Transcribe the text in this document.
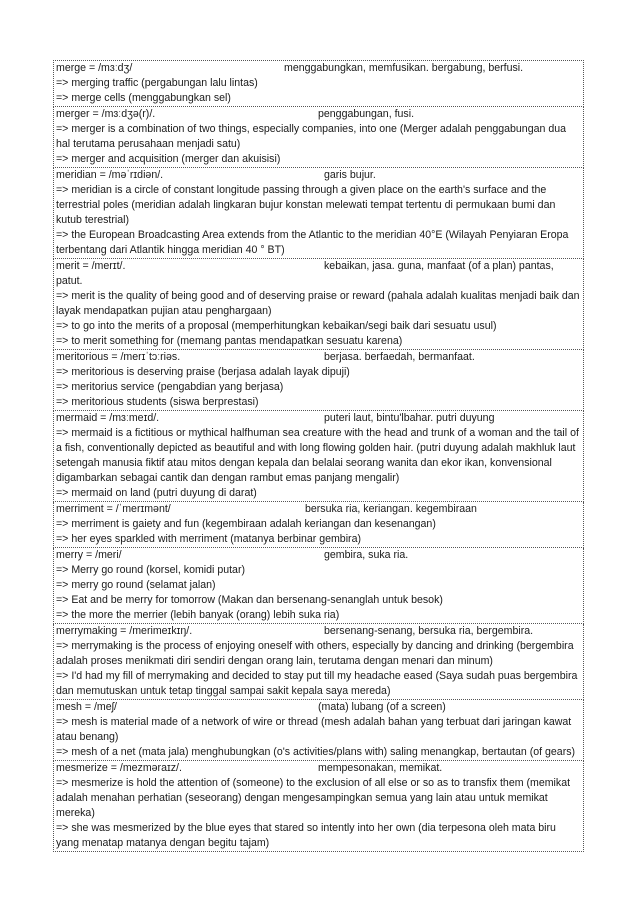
merge = /mɜːdʒ/	menggabungkan, memfusikan. bergabung, berfusi.
=> merging traffic (pergabungan lalu lintas)
=> merge cells (menggabungkan sel)
merger = /mɜːdʒə(r)/.	penggabungan, fusi.
=> merger is a combination of two things, especially companies, into one (Merger adalah penggabungan dua hal terutama perusahaan menjadi satu)
=> merger and acquisition (merger dan akuisisi)
meridian = /məˈrɪdiən/.	garis bujur.
=> meridian is a circle of constant longitude passing through a given place on the earth's surface and the terrestrial poles (meridian adalah lingkaran bujur konstan melewati tempat tertentu di permukaan bumi dan kutub terestrial)
=> the European Broadcasting Area extends from the Atlantic to the meridian 40°E (Wilayah Penyiaran Eropa terbentang dari Atlantik hingga meridian 40 ° BT)
merit = /merɪt/.	kebaikan, jasa. guna, manfaat (of a plan) pantas,
patut.
=> merit is the quality of being good and of deserving praise or reward (pahala adalah kualitas menjadi baik dan layak mendapatkan pujian atau penghargaan)
=> to go into the merits of a proposal (memperhitungkan kebaikan/segi baik dari sesuatu usul)
=> to merit something for (memang pantas mendapatkan sesuatu karena)
meritorious = /merɪˈtɔːriəs.	berjasa. berfaedah, bermanfaat.
=> meritorious is deserving praise (berjasa adalah layak dipuji)
=> meritorius service (pengabdian yang berjasa)
=> meritorious students (siswa berprestasi)
mermaid = /mɜːmeɪd/.	puteri laut, bintu'lbahar. putri duyung
=> mermaid is a fictitious or mythical halfhuman sea creature with the head and trunk of a woman and the tail of a fish, conventionally depicted as beautiful and with long flowing golden hair. (putri duyung adalah makhluk laut setengah manusia fiktif atau mitos dengan kepala dan belalai seorang wanita dan ekor ikan, konvensional digambarkan sebagai cantik dan dengan rambut emas panjang mengalir)
=> mermaid on land (putri duyung di darat)
merriment = /ˈmerɪmənt/	bersuka ria, keriangan. kegembiraan
=> merriment is gaiety and fun (kegembiraan adalah keriangan dan kesenangan)
=> her eyes sparkled with merriment (matanya berbinar gembira)
merry = /meri/	gembira, suka ria.
=> Merry go round (korsel, komidi putar)
=> merry go round (selamat jalan)
=> Eat and be merry for tomorrow (Makan dan bersenang-senanglah untuk besok)
=> the more the merrier (lebih banyak (orang) lebih suka ria)
merrymaking = /merimeɪkɪŋ/.	bersenang-senang, bersuka ria, bergembira.
=> merrymaking is the process of enjoying oneself with others, especially by dancing and drinking (bergembira adalah proses menikmati diri sendiri dengan orang lain, terutama dengan menari dan minum)
=> I'd had my fill of merrymaking and decided to stay put till my headache eased (Saya sudah puas bergembira dan memutuskan untuk tetap tinggal sampai sakit kepala saya mereda)
mesh = /meʃ/	(mata) lubang (of a screen)
=> mesh is material made of a network of wire or thread (mesh adalah bahan yang terbuat dari jaringan kawat atau benang)
=> mesh of a net (mata jala) menghubungkan (o's activities/plans with) saling menangkap, bertautan (of gears)
mesmerize = /mezməraɪz/.	mempesonakan, memikat.
=> mesmerize is hold the attention of (someone) to the exclusion of all else or so as to transfix them (memikat adalah menahan perhatian (seseorang) dengan mengesampingkan semua yang lain atau untuk memikat mereka)
=> she was mesmerized by the blue eyes that stared so intently into her own (dia terpesona oleh mata biru yang menatap matanya dengan begitu tajam)
